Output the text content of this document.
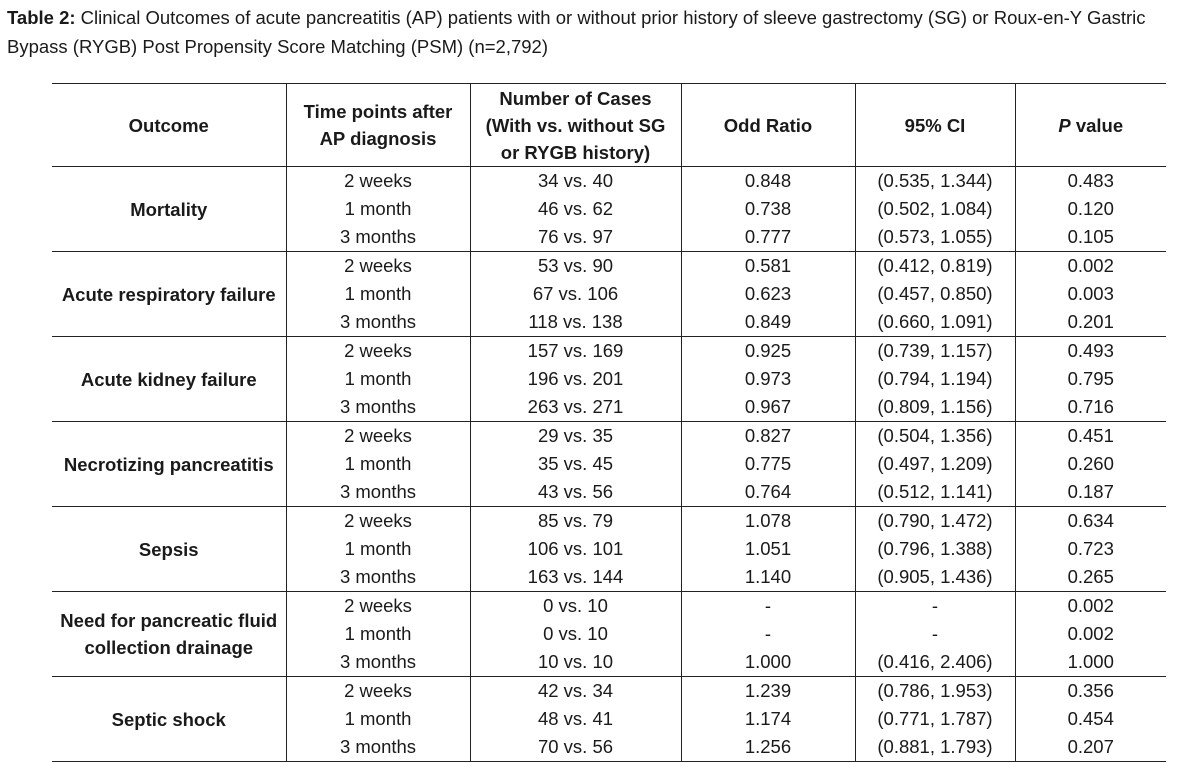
Table 2: Clinical Outcomes of acute pancreatitis (AP) patients with or without prior history of sleeve gastrectomy (SG) or Roux-en-Y Gastric Bypass (RYGB) Post Propensity Score Matching (PSM) (n=2,792)
Outcome	Time points after AP diagnosis	Number of Cases (With vs. without SG or RYGB history)	Odd Ratio	95% CI	P value
Mortality	2 weeks	34 vs. 40	0.848	(0.535, 1.344)	0.483
	1 month	46 vs. 62	0.738	(0.502, 1.084)	0.120
	3 months	76 vs. 97	0.777	(0.573, 1.055)	0.105
Acute respiratory failure	2 weeks	53 vs. 90	0.581	(0.412, 0.819)	0.002
	1 month	67 vs. 106	0.623	(0.457, 0.850)	0.003
	3 months	118 vs. 138	0.849	(0.660, 1.091)	0.201
Acute kidney failure	2 weeks	157 vs. 169	0.925	(0.739, 1.157)	0.493
	1 month	196 vs. 201	0.973	(0.794, 1.194)	0.795
	3 months	263 vs. 271	0.967	(0.809, 1.156)	0.716
Necrotizing pancreatitis	2 weeks	29 vs. 35	0.827	(0.504, 1.356)	0.451
	1 month	35 vs. 45	0.775	(0.497, 1.209)	0.260
	3 months	43 vs. 56	0.764	(0.512, 1.141)	0.187
Sepsis	2 weeks	85 vs. 79	1.078	(0.790, 1.472)	0.634
	1 month	106 vs. 101	1.051	(0.796, 1.388)	0.723
	3 months	163 vs. 144	1.140	(0.905, 1.436)	0.265
Need for pancreatic fluid collection drainage	2 weeks	0 vs. 10	-	-	0.002
	1 month	0 vs. 10	-	-	0.002
	3 months	10 vs. 10	1.000	(0.416, 2.406)	1.000
Septic shock	2 weeks	42 vs. 34	1.239	(0.786, 1.953)	0.356
	1 month	48 vs. 41	1.174	(0.771, 1.787)	0.454
	3 months	70 vs. 56	1.256	(0.881, 1.793)	0.207
